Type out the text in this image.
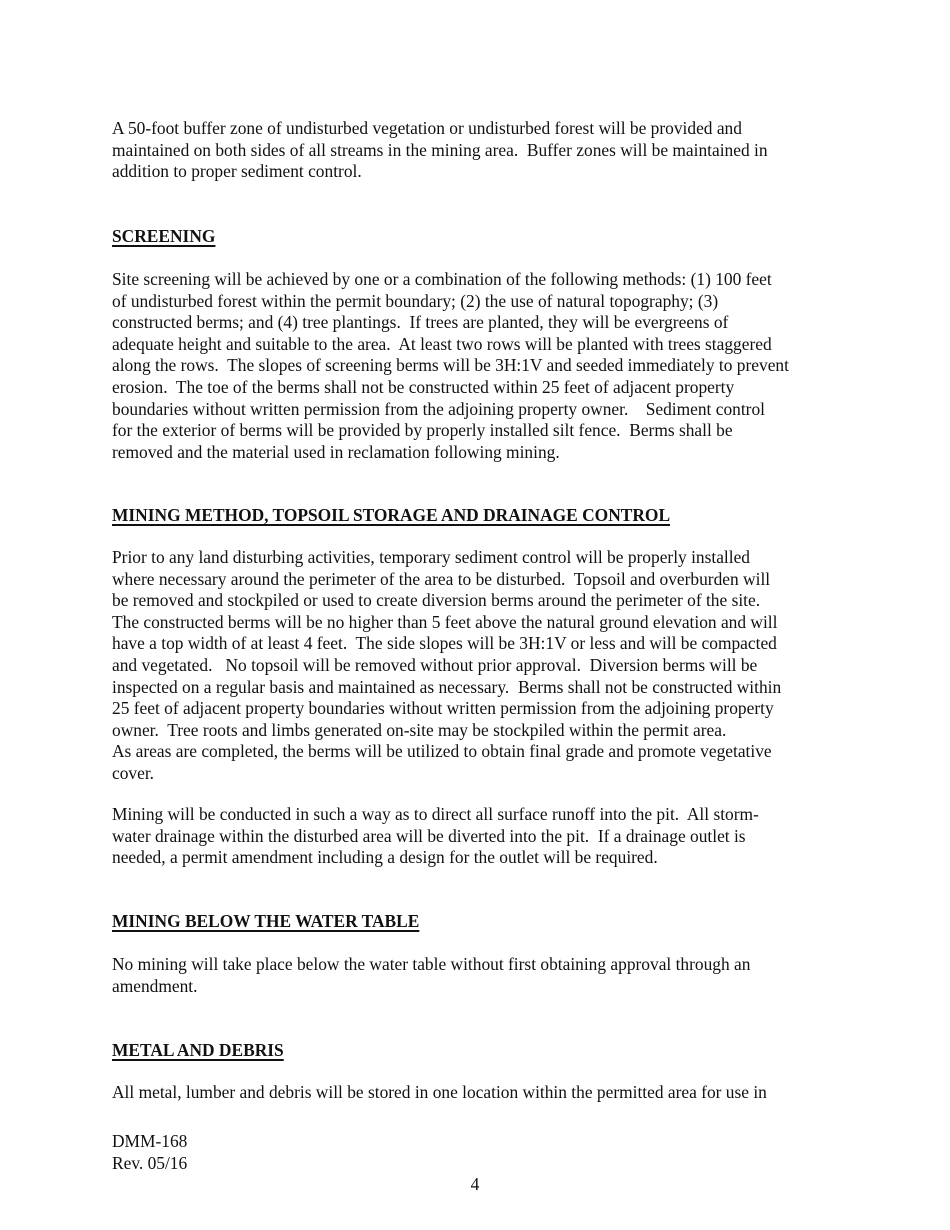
A 50-foot buffer zone of undisturbed vegetation or undisturbed forest will be provided and
maintained on both sides of all streams in the mining area.  Buffer zones will be maintained in
addition to proper sediment control.
SCREENING
Site screening will be achieved by one or a combination of the following methods: (1) 100 feet
of undisturbed forest within the permit boundary; (2) the use of natural topography; (3)
constructed berms; and (4) tree plantings.  If trees are planted, they will be evergreens of
adequate height and suitable to the area.  At least two rows will be planted with trees staggered
along the rows.  The slopes of screening berms will be 3H:1V and seeded immediately to prevent
erosion.  The toe of the berms shall not be constructed within 25 feet of adjacent property
boundaries without written permission from the adjoining property owner.    Sediment control
for the exterior of berms will be provided by properly installed silt fence.  Berms shall be
removed and the material used in reclamation following mining.
MINING METHOD, TOPSOIL STORAGE AND DRAINAGE CONTROL
Prior to any land disturbing activities, temporary sediment control will be properly installed
where necessary around the perimeter of the area to be disturbed.  Topsoil and overburden will
be removed and stockpiled or used to create diversion berms around the perimeter of the site.
The constructed berms will be no higher than 5 feet above the natural ground elevation and will
have a top width of at least 4 feet.  The side slopes will be 3H:1V or less and will be compacted
and vegetated.   No topsoil will be removed without prior approval.  Diversion berms will be
inspected on a regular basis and maintained as necessary.  Berms shall not be constructed within
25 feet of adjacent property boundaries without written permission from the adjoining property
owner.  Tree roots and limbs generated on-site may be stockpiled within the permit area.
As areas are completed, the berms will be utilized to obtain final grade and promote vegetative
cover.
Mining will be conducted in such a way as to direct all surface runoff into the pit.  All storm-
water drainage within the disturbed area will be diverted into the pit.  If a drainage outlet is
needed, a permit amendment including a design for the outlet will be required.
MINING BELOW THE WATER TABLE
No mining will take place below the water table without first obtaining approval through an
amendment.
METAL AND DEBRIS
All metal, lumber and debris will be stored in one location within the permitted area for use in
DMM-168
Rev. 05/16
4
